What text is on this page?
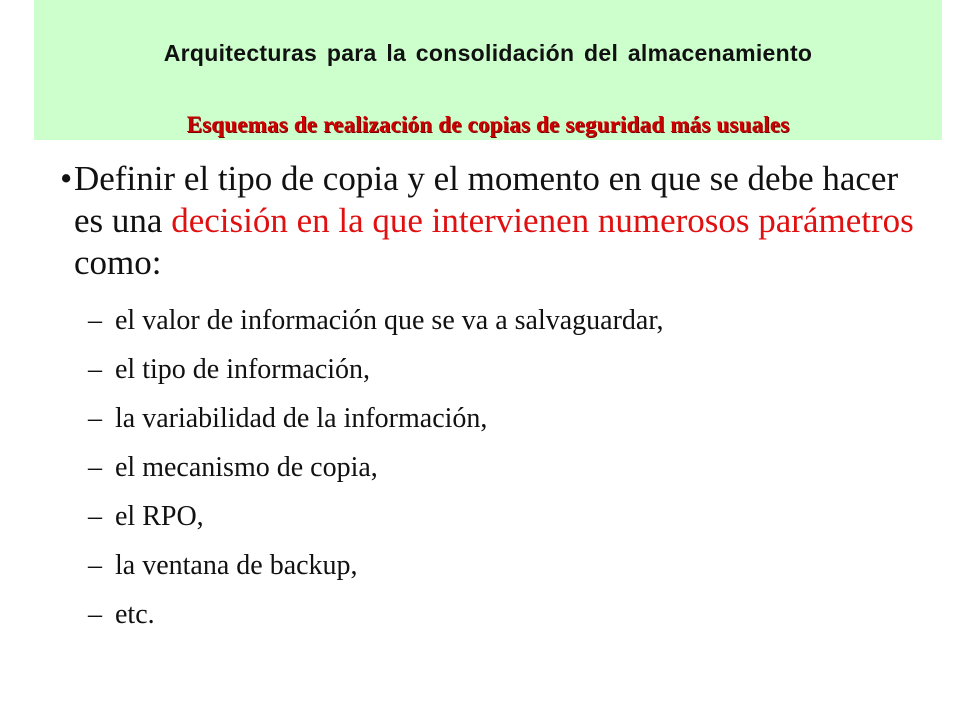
Arquitecturas para la consolidación del almacenamiento
Esquemas de realización de copias de seguridad más usuales
• Definir el tipo de copia y el momento en que se debe hacer es una decisión en la que intervienen numerosos parámetros como:
– el valor de información que se va a salvaguardar,
– el tipo de información,
– la variabilidad de la información,
– el mecanismo de copia,
– el RPO,
– la ventana de backup,
– etc.
